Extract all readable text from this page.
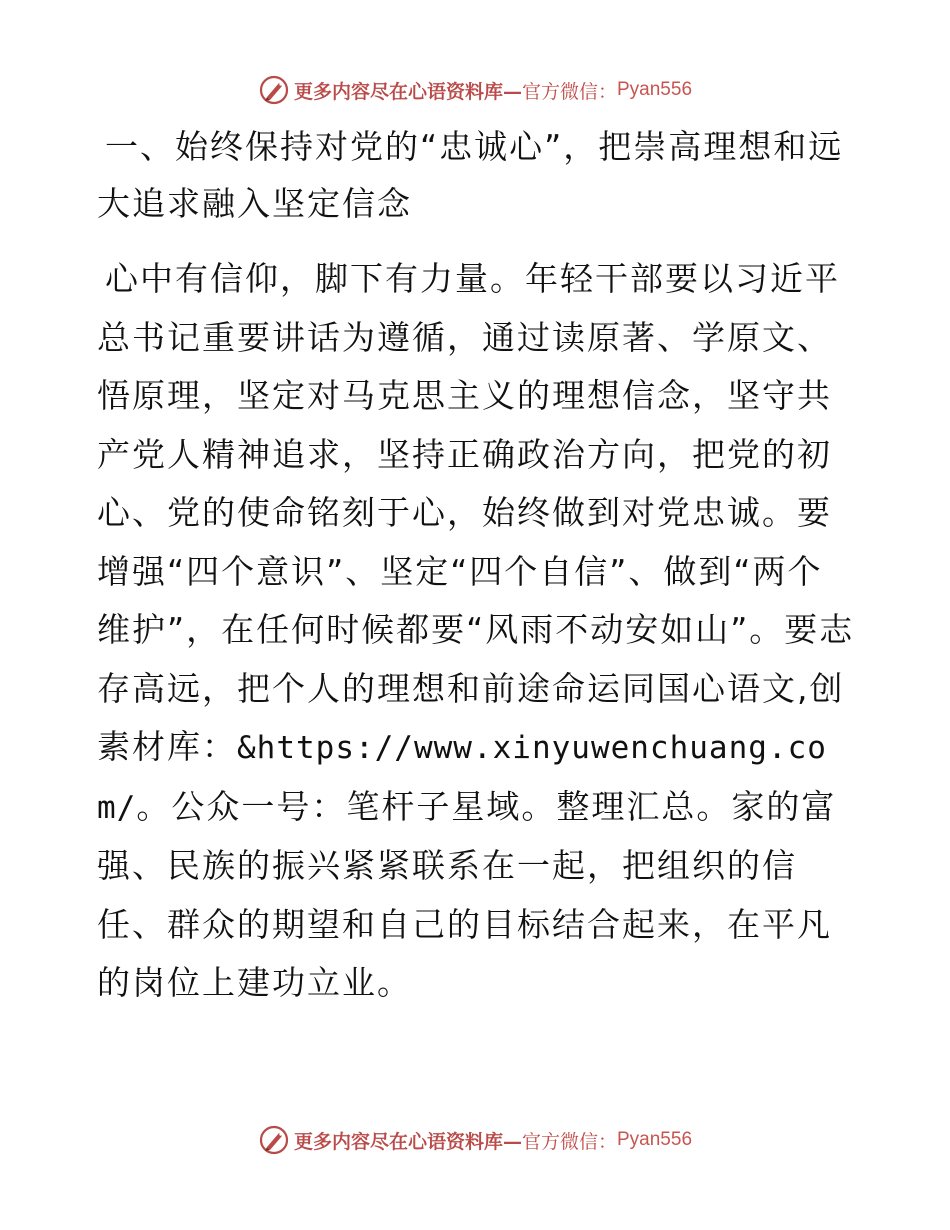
更多内容尽在心语资料库— 官方微信： Pyan556
一、始终保持对党的“忠诚心”，把崇高理想和远大追求融入坚定信念

心中有信仰，脚下有力量。年轻干部要以习近平总书记重要讲话为遵循，通过读原著、学原文、悟原理，坚定对马克思主义的理想信念，坚守共产党人精神追求，坚持正确政治方向，把党的初心、党的使命铭刻于心，始终做到对党忠诚。要增强“四个意识”、坚定“四个自信”、做到“两个维护”，在任何时候都要“风雨不动安如山”。要志存高远，把个人的理想和前途命运同国心语文,创素材库：&https://www.xinyuwenchuang.com/。公众一号：笔杆子星域。整理汇总。家的富强、民族的振兴紧紧联系在一起，把组织的信任、群众的期望和自己的目标结合起来，在平凡的岗位上建功立业。

更多内容尽在心语资料库— 官方微信： Pyan556
